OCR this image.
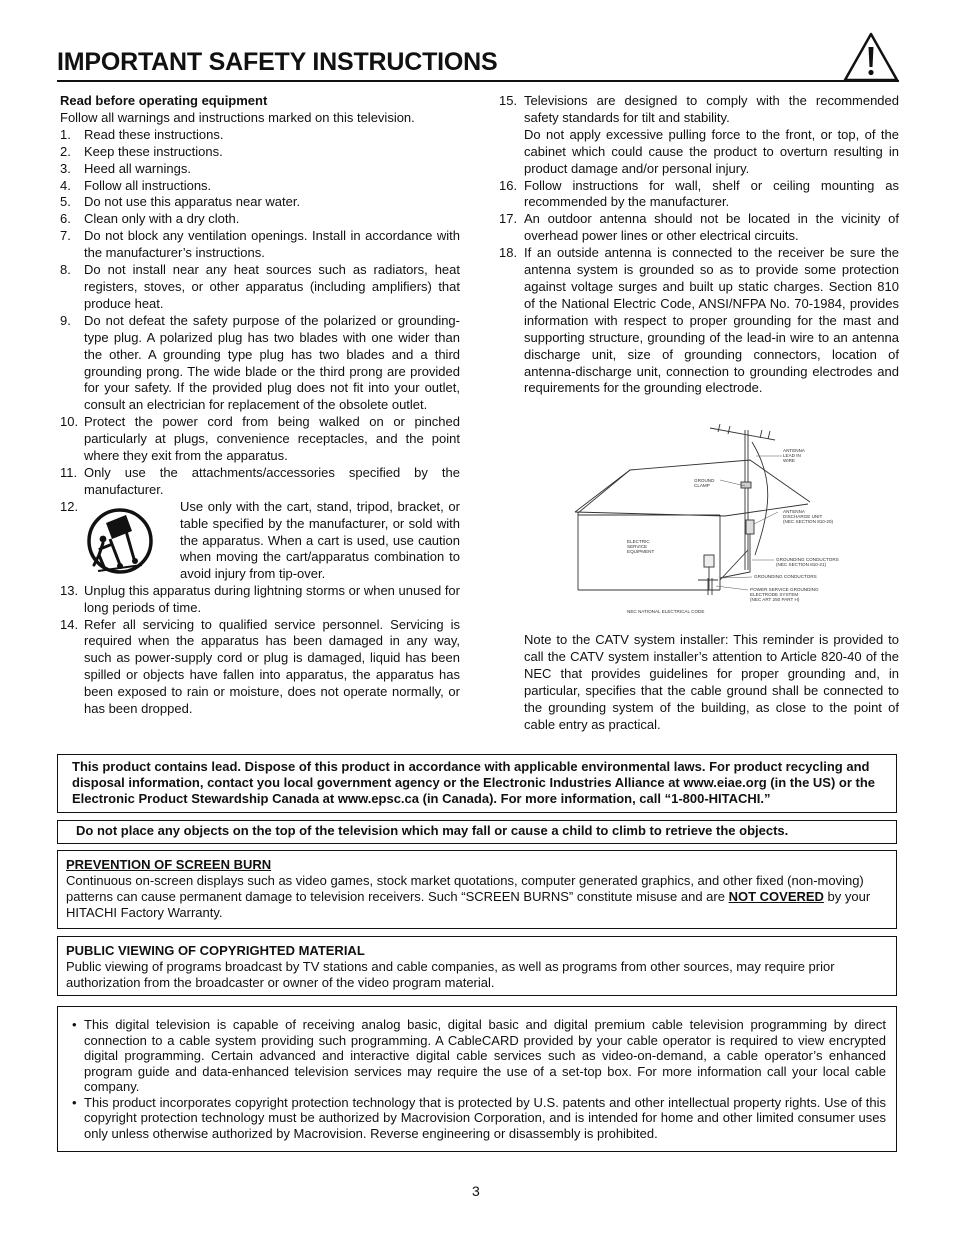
IMPORTANT SAFETY INSTRUCTIONS

Read before operating equipment

Follow all warnings and instructions marked on this television.

1. Read these instructions.
2. Keep these instructions.
3. Heed all warnings.
4. Follow all instructions.
5. Do not use this apparatus near water.
6. Clean only with a dry cloth.
7. Do not block any ventilation openings. Install in accordance with the manufacturer’s instructions.
8. Do not install near any heat sources such as radiators, heat registers, stoves, or other apparatus (including amplifiers) that produce heat.
9. Do not defeat the safety purpose of the polarized or grounding-type plug. A polarized plug has two blades with one wider than the other. A grounding type plug has two blades and a third grounding prong. The wide blade or the third prong are provided for your safety. If the provided plug does not fit into your outlet, consult an electrician for replacement of the obsolete outlet.
10. Protect the power cord from being walked on or pinched particularly at plugs, convenience receptacles, and the point where they exit from the apparatus.
11. Only use the attachments/accessories specified by the manufacturer.
12.	Use only with the cart, stand, tripod, bracket, or table specified by the manufacturer, or sold with the apparatus. When a cart is used, use caution when moving the cart/apparatus combination to avoid injury from tip-over.
13. Unplug this apparatus during lightning storms or when unused for long periods of time.
14. Refer all servicing to qualified service personnel. Servicing is required when the apparatus has been damaged in any way, such as power-supply cord or plug is damaged, liquid has been spilled or objects have fallen into apparatus, the apparatus has been exposed to rain or moisture, does not operate normally, or has been dropped.
15. Televisions are designed to comply with the recommended safety standards for tilt and stability.
Do not apply excessive pulling force to the front, or top, of the cabinet which could cause the product to overturn resulting in product damage and/or personal injury.
16. Follow instructions for wall, shelf or ceiling mounting as recommended by the manufacturer.
17. An outdoor antenna should not be located in the vicinity of overhead power lines or other electrical circuits.
18. If an outside antenna is connected to the receiver be sure the antenna system is grounded so as to provide some protection against voltage surges and built up static charges. Section 810 of the National Electric Code, ANSI/NFPA No. 70-1984, provides information with respect to proper grounding for the mast and supporting structure, grounding of the lead-in wire to an antenna discharge unit, size of grounding connectors, location of antenna-discharge unit, connection to grounding electrodes and requirements for the grounding electrode.
ANTENNA
LEAD IN
WIRE
GROUND
CLAMP
ANTENNA
DISCHARGE UNIT
(NEC SECTION 810-20)
ELECTRIC
SERVICE
EQUIPMENT
GROUNDING CONDUCTORS
(NEC SECTION 810-21)
GROUNDING CONDUCTORS
POWER SERVICE GROUNDING
ELECTRODE SYSTEM
(NEC ART 250 PART H)
NEC NATIONAL ELECTRICAL CODE

Note to the CATV system installer: This reminder is provided to call the CATV system installer’s attention to Article 820-40 of the NEC that provides guidelines for proper grounding and, in particular, specifies that the cable ground shall be connected to the grounding system of the building, as close to the point of cable entry as practical.

This product contains lead. Dispose of this product in accordance with applicable environmental laws. For product recycling and disposal information, contact you local government agency or the Electronic Industries Alliance at www.eiae.org (in the US) or the Electronic Product Stewardship Canada at www.epsc.ca (in Canada). For more information, call “1-800-HITACHI.”

Do not place any objects on the top of the television which may fall or cause a child to climb to retrieve the objects.

PREVENTION OF SCREEN BURN

Continuous on-screen displays such as video games, stock market quotations, computer generated graphics, and other fixed (non-moving) patterns can cause permanent damage to television receivers. Such “SCREEN BURNS” constitute misuse and are NOT COVERED by your HITACHI Factory Warranty.

PUBLIC VIEWING OF COPYRIGHTED MATERIAL

Public viewing of programs broadcast by TV stations and cable companies, as well as programs from other sources, may require prior authorization from the broadcaster or owner of the video program material.

• This digital television is capable of receiving analog basic, digital basic and digital premium cable television programming by direct connection to a cable system providing such programming. A CableCARD provided by your cable operator is required to view encrypted digital programming. Certain advanced and interactive digital cable services such as video-on-demand, a cable operator’s enhanced program guide and data-enhanced television services may require the use of a set-top box. For more information call your local cable company.
• This product incorporates copyright protection technology that is protected by U.S. patents and other intellectual property rights. Use of this copyright protection technology must be authorized by Macrovision Corporation, and is intended for home and other limited consumer uses only unless otherwise authorized by Macrovision. Reverse engineering or disassembly is prohibited.
3
